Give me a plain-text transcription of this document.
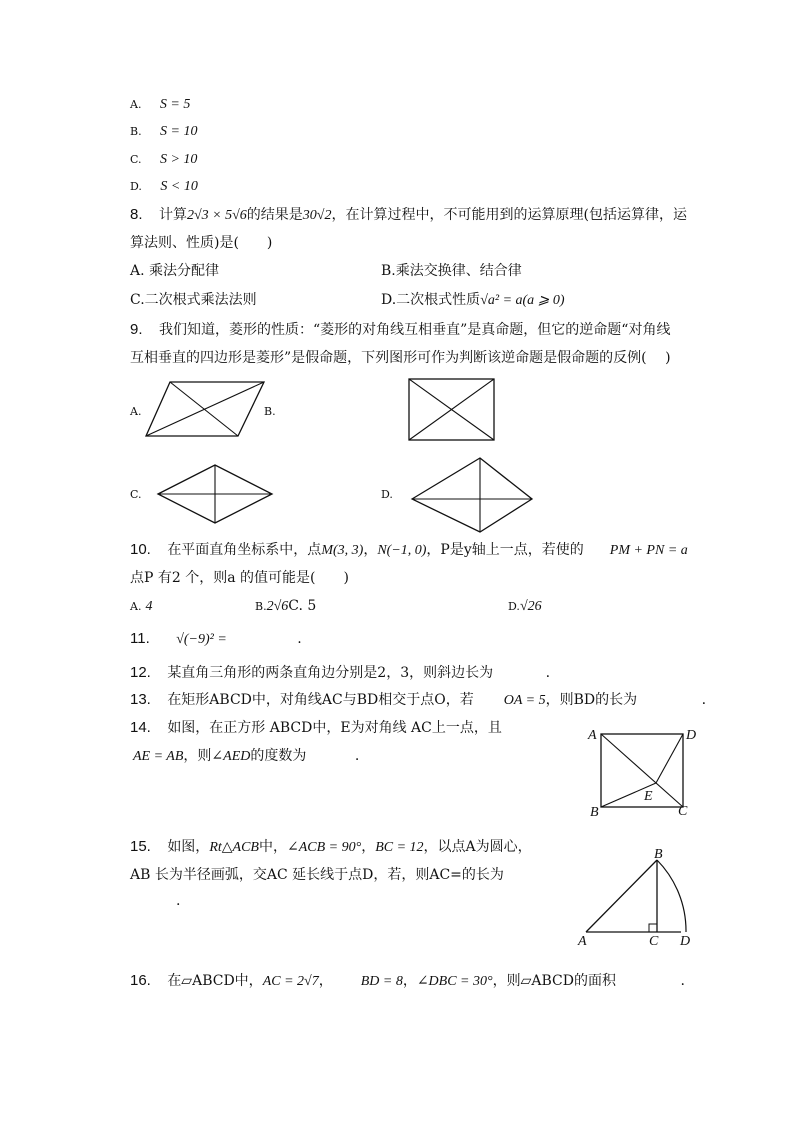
A. S = 5
B. S = 10
C. S > 10
D. S < 10
8. 计算2√3 × 5√6的结果是30√2，在计算过程中，不可能用到的运算原理(包括运算律，运
算法则、性质)是(　　)
A. 乘法分配律	B.乘法交换律、结合律
C.二次根式乘法法则	D.二次根式性质√a² = a(a ⩾ 0)
9. 我们知道，菱形的性质：“菱形的对角线互相垂直”是真命题，但它的逆命题“对角线
互相垂直的四边形是菱形”是假命题，下列图形可作为判断该逆命题是假命题的反例(　 )
A.	B.
C.	D.
10. 在平面直角坐标系中，点M(3, 3)，N(−1, 0)，P是y轴上一点，若使的 PM + PN = a
点P 有2 个，则a 的值可能是(　　)
A. 4	B.2√6C. 5	D.√26
11. √(−9)² =	.
12. 某直角三角形的两条直角边分别是2，3，则斜边长为	.
13. 在矩形ABCD中，对角线AC与BD相交于点O，若 OA = 5，则BD的长为	.
14. 如图，在正方形 ABCD中，E为对角线 AC上一点，且
AE = AB，则∠AED的度数为	.
A	D
B	C
E
15. 如图，Rt△ACB中，∠ACB = 90°，BC = 12，以点A为圆心，
AB 长为半径画弧，交AC 延长线于点D，若，则AC=的长为
.
B
A	C D
16. 在▱ABCD中，AC = 2√7， BD = 8，∠DBC = 30°，则▱ABCD的面积	.
